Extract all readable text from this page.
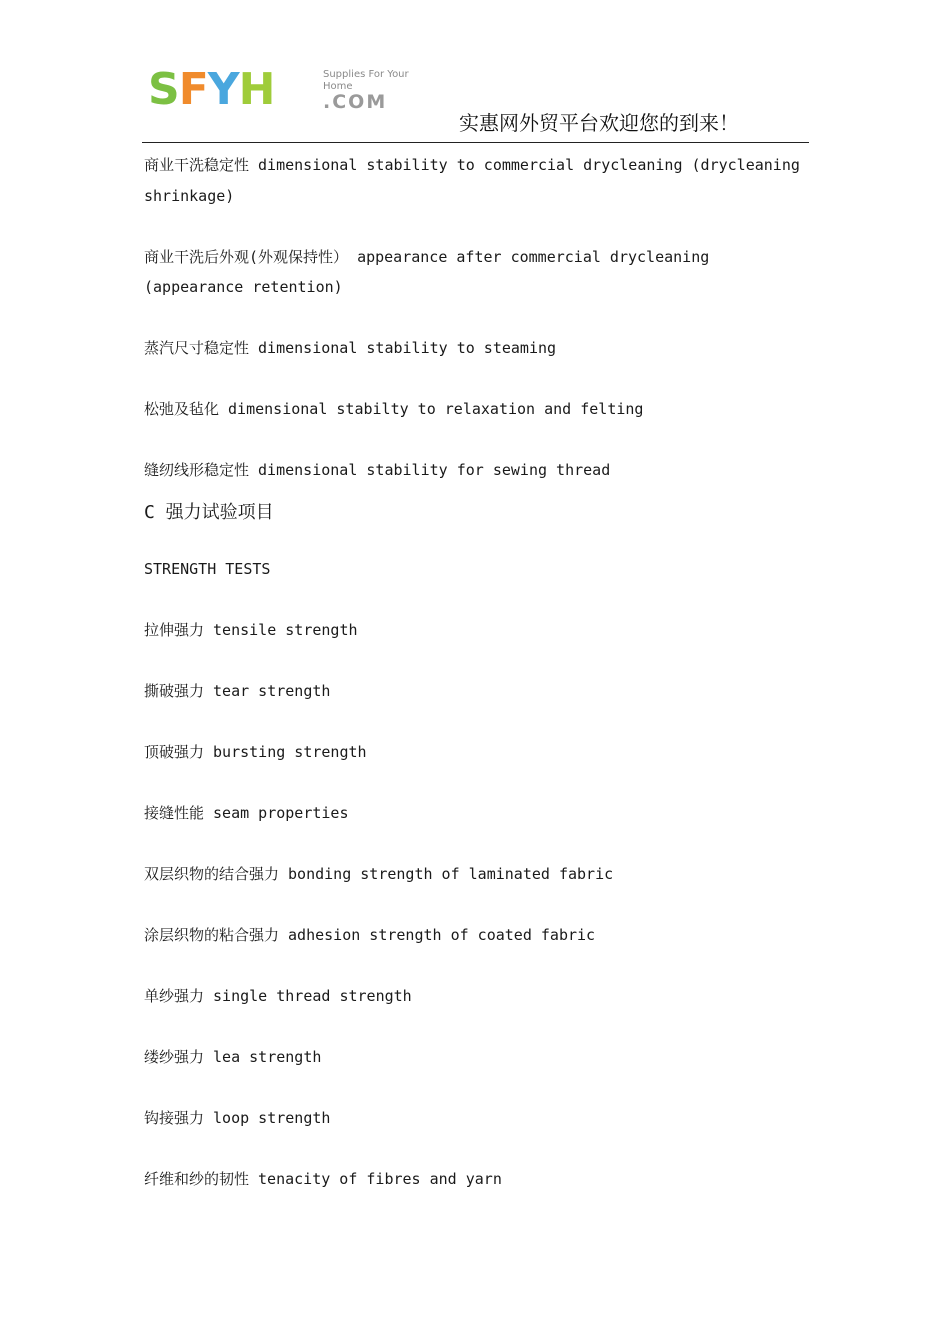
SFYH	Supplies For Your
Home
.COM
实惠网外贸平台欢迎您的到来！

商业干洗稳定性 dimensional stability to commercial drycleaning (drycleaning shrinkage)

商业干洗后外观(外观保持性） appearance after commercial drycleaning (appearance retention)

蒸汽尺寸稳定性 dimensional stability to steaming

松弛及毡化 dimensional stabilty to relaxation and felting

缝纫线形稳定性 dimensional stability for sewing thread

C 强力试验项目

STRENGTH TESTS

拉伸强力 tensile strength

撕破强力 tear strength

顶破强力 bursting strength

接缝性能 seam properties

双层织物的结合强力 bonding strength of laminated fabric

涂层织物的粘合强力 adhesion strength of coated fabric

单纱强力 single thread strength

缕纱强力 lea strength

钩接强力 loop strength

纤维和纱的韧性 tenacity of fibres and yarn
